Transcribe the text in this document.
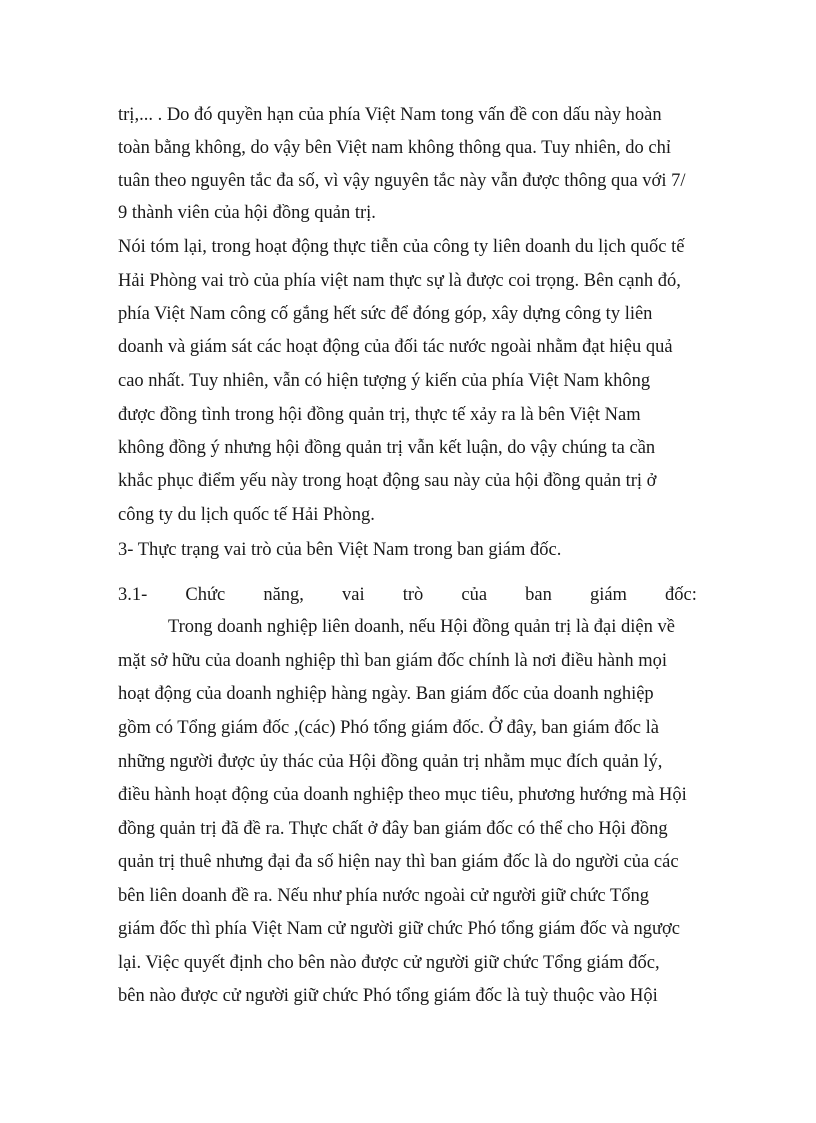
trị,... . Do đó quyền hạn của phía Việt Nam tong vấn đề con dấu này hoàn
toàn bằng không, do vậy bên Việt nam không thông qua. Tuy nhiên, do chỉ
tuân theo nguyên tắc đa số, vì vậy nguyên tắc này vẫn được thông qua với 7/
9 thành viên của hội đồng quản trị.
Nói tóm lại, trong hoạt động thực tiễn của công ty liên doanh du lịch quốc tế
Hải Phòng vai trò của phía việt nam thực sự là được coi trọng. Bên cạnh đó,
phía Việt Nam công cố gắng hết sức để đóng góp, xây dựng công ty liên
doanh và giám sát các hoạt động của đối tác nước ngoài nhằm đạt hiệu quả
cao nhất. Tuy nhiên, vẫn có hiện tượng ý kiến của phía Việt Nam không
được đồng tình trong hội đồng quản trị, thực tế xảy ra là bên Việt Nam
không đồng ý nhưng hội đồng quản trị vẫn kết luận, do vậy chúng ta cần
khắc phục điểm yếu này trong hoạt động sau này của hội đồng quản trị ở
công ty du lịch quốc tế Hải Phòng.
3- Thực trạng vai trò của bên Việt Nam trong ban giám đốc.
Trong doanh nghiệp liên doanh, nếu Hội đồng quản trị là đại diện về
mặt sở hữu của doanh nghiệp thì ban giám đốc chính là nơi điều hành mọi
hoạt động của doanh nghiệp hàng ngày. Ban giám đốc của doanh nghiệp
gồm có Tổng giám đốc ,(các) Phó tổng giám đốc. Ở đây, ban giám đốc là
những người được ủy thác của Hội đồng quản trị nhằm mục đích quản lý,
điều hành hoạt động của doanh nghiệp theo mục tiêu, phương hướng mà Hội
đồng quản trị đã đề ra. Thực chất ở đây ban giám đốc có thể cho Hội đồng
quản trị thuê nhưng đại đa số hiện nay thì ban giám đốc là do người của các
bên liên doanh đề ra. Nếu như phía nước ngoài cử người giữ chức Tổng
giám đốc thì phía Việt Nam cử người giữ chức Phó tổng giám đốc và ngược
lại. Việc quyết định cho bên nào được cử người giữ chức Tổng giám đốc,
bên nào được cử người giữ chức Phó tổng giám đốc là tuỳ thuộc vào Hội
3.1- Chức năng, vai trò của ban giám đốc:
